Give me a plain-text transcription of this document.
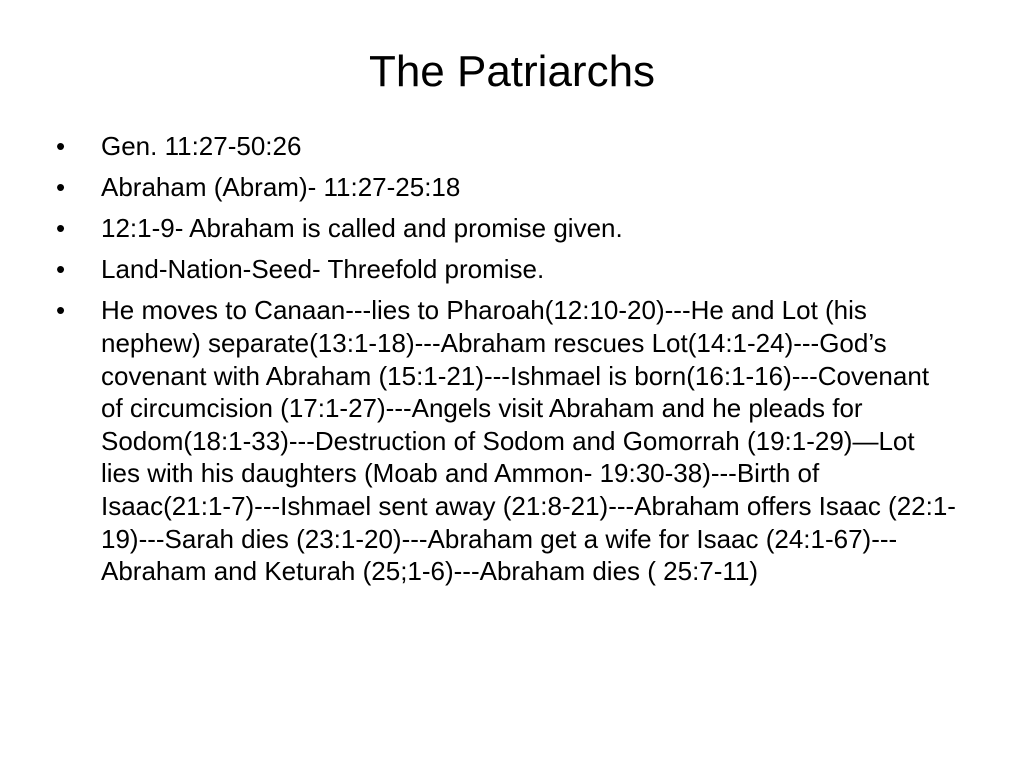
The Patriarchs
•	Gen. 11:27-50:26
•	Abraham (Abram)- 11:27-25:18
•	12:1-9- Abraham is called and promise given.
•	Land-Nation-Seed- Threefold promise.
•	He moves to Canaan---lies to Pharoah(12:10-20)---He and Lot (his nephew) separate(13:1-18)---Abraham rescues Lot(14:1-24)---God’s covenant with Abraham (15:1-21)---Ishmael is born(16:1-16)---Covenant of circumcision (17:1-27)---Angels visit Abraham and he pleads for Sodom(18:1-33)---Destruction of Sodom and Gomorrah (19:1-29)—Lot lies with his daughters (Moab and Ammon- 19:30-38)---Birth of Isaac(21:1-7)---Ishmael sent away (21:8-21)---Abraham offers Isaac (22:1-19)---Sarah dies (23:1-20)---Abraham get a wife for Isaac (24:1-67)---Abraham and Keturah (25;1-6)---Abraham dies ( 25:7-11)
